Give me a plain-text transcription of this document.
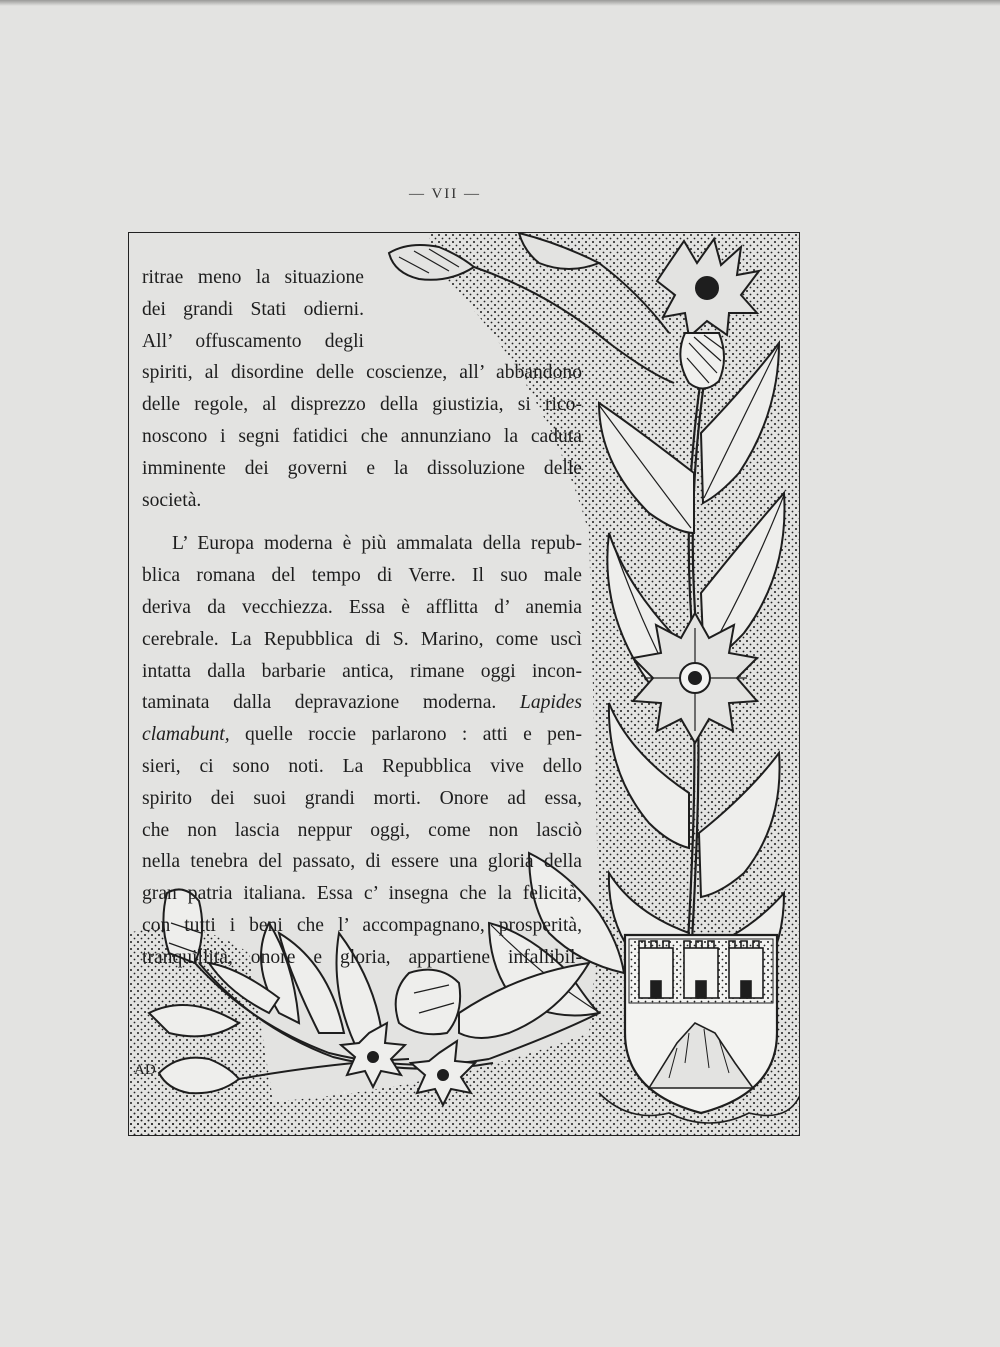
— VII —
ritrae meno la situazione
dei grandi Stati odierni.
All’ offuscamento degli
spiriti, al disordine delle coscienze, all’ abbandono
delle regole, al disprezzo della giustizia, si rico-
noscono i segni fatidici che annunziano la caduta
imminente dei governi e la dissoluzione delle
società.
L’ Europa moderna è più ammalata della repub-
blica romana del tempo di Verre. Il suo male
deriva da vecchiezza. Essa è afflitta d’ anemia
cerebrale. La Repubblica di S. Marino, come uscì
intatta dalla barbarie antica, rimane oggi incon-
taminata dalla depravazione moderna. Lapides
clamabunt, quelle roccie parlarono : atti e pen-
sieri, ci sono noti. La Repubblica vive dello
spirito dei suoi grandi morti. Onore ad essa,
che non lascia neppur oggi, come non lasciò
nella tenebra del passato, di essere una gloria della
gran patria italiana. Essa c’ insegna che la felicità,
con tutti i beni che l’ accompagnano, prosperità,
tranquillità, onore e gloria, appartiene infallibil-
AD
